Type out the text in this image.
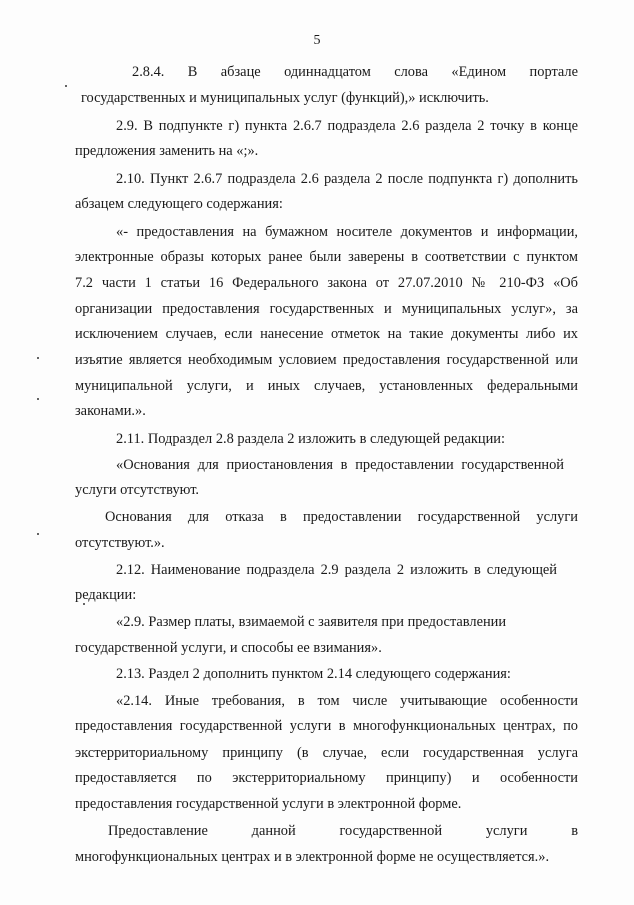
5
2.8.4. В абзаце одиннадцатом слова «Едином портале
государственных и муниципальных услуг (функций),» исключить.
2.9. В подпункте г) пункта 2.6.7 подраздела 2.6 раздела 2 точку в конце
предложения заменить на «;».
2.10. Пункт 2.6.7 подраздела 2.6 раздела 2 после подпункта г) дополнить
абзацем следующего содержания:
«- предоставления на бумажном носителе документов и информации,
электронные образы которых ранее были заверены в соответствии с пунктом
7.2 части 1 статьи 16 Федерального закона от 27.07.2010 № 210-ФЗ «Об
организации предоставления государственных и муниципальных услуг», за
исключением случаев, если нанесение отметок на такие документы либо их
изъятие является необходимым условием предоставления государственной или
муниципальной услуги, и иных случаев, установленных федеральными
законами.».
2.11. Подраздел 2.8 раздела 2 изложить в следующей редакции:
«Основания для приостановления в предоставлении государственной
услуги отсутствуют.
Основания для отказа в предоставлении государственной услуги
отсутствуют.».
2.12. Наименование подраздела 2.9 раздела 2 изложить в следующей
редакции:
«2.9. Размер платы, взимаемой с заявителя при предоставлении
государственной услуги, и способы ее взимания».
2.13. Раздел 2 дополнить пунктом 2.14 следующего содержания:
«2.14. Иные требования, в том числе учитывающие особенности
предоставления государственной услуги в многофункциональных центрах, по
экстерриториальному принципу (в случае, если государственная услуга
предоставляется по экстерриториальному принципу) и особенности
предоставления государственной услуги в электронной форме.
Предоставление данной государственной услуги в
многофункциональных центрах и в электронной форме не осуществляется.».
